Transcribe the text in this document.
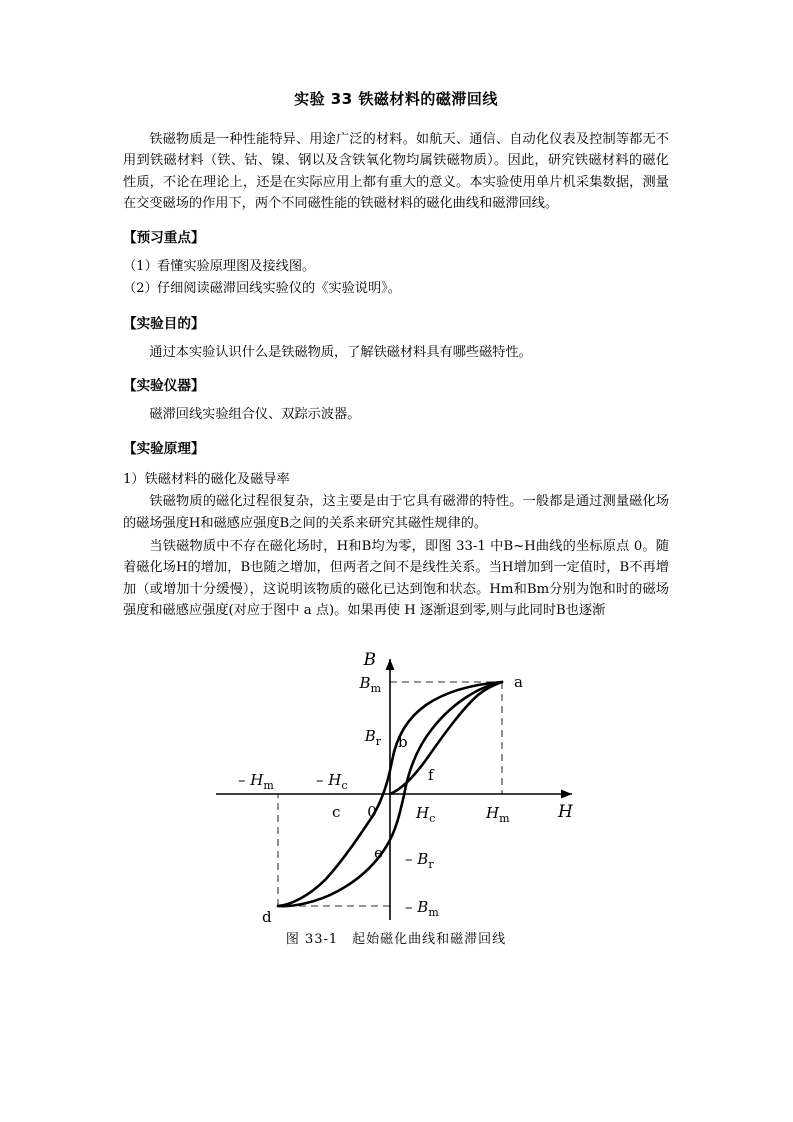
实验 33 铁磁材料的磁滞回线

铁磁物质是一种性能特异、用途广泛的材料。如航天、通信、自动化仪表及控制等都无不用到铁磁材料（铁、钴、镍、钢以及含铁氧化物均属铁磁物质）。因此，研究铁磁材料的磁化性质，不论在理论上，还是在实际应用上都有重大的意义。本实验使用单片机采集数据，测量在交变磁场的作用下，两个不同磁性能的铁磁材料的磁化曲线和磁滞回线。

【预习重点】
（1） 看懂实验原理图及接线图。
（2） 仔细阅读磁滞回线实验仪的《实验说明》。
【实验目的】

通过本实验认识什么是铁磁物质，了解铁磁材料具有哪些磁特性。

【实验仪器】

磁滞回线实验组合仪、双踪示波器。

【实验原理】

1）铁磁材料的磁化及磁导率

铁磁物质的磁化过程很复杂，这主要是由于它具有磁滞的特性。一般都是通过测量磁化场的磁场强度H和磁感应强度B之间的关系来研究其磁性规律的。

当铁磁物质中不存在磁化场时，H和B均为零，即图 33-1 中B~H曲线的坐标原点 0。随着磁化场H的增加，B也随之增加，但两者之间不是线性关系。当H增加到一定值时，B不再增加（或增加十分缓慢），这说明该物质的磁化已达到饱和状态。Hm和Bm分别为饱和时的磁场强度和磁感应强度(对应于图中 a 点)。如果再使 H 逐渐退到零,则与此同时B也逐渐

B
H
0
$B_m$
$B_r$
– $B_r$
– $B_m$
– $H_m$	– $H_c$
$H_c$	$H_m$
a
b
c
d
e
f
图 33-1　起始磁化曲线和磁滞回线
